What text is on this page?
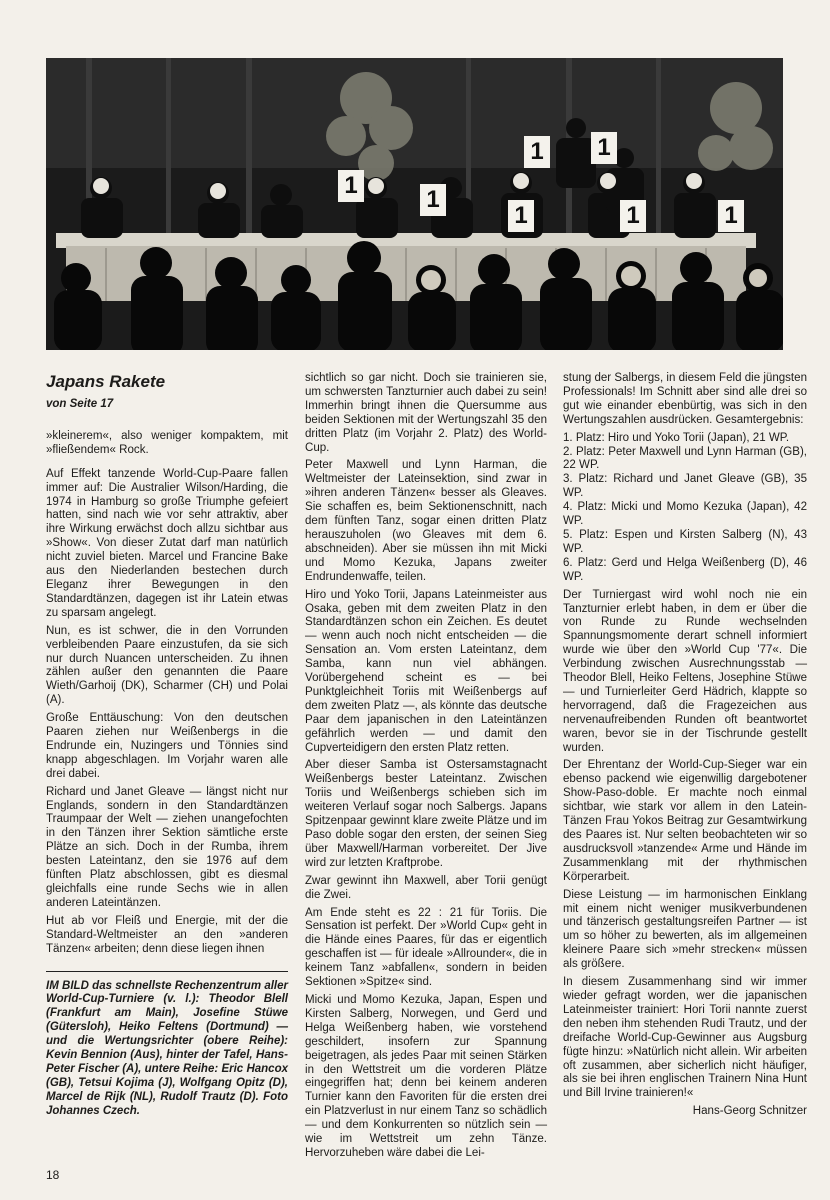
1
1
1
1 1
1	1
Japans Rakete
von Seite 17

»kleinerem«, also weniger kompaktem, mit »fließendem« Rock.

Auf Effekt tanzende World-Cup-Paare fallen immer auf: Die Australier Wilson/Harding, die 1974 in Hamburg so große Triumphe gefeiert hatten, sind nach wie vor sehr attraktiv, aber ihre Wirkung erwächst doch allzu sichtbar aus »Show«. Von dieser Zutat darf man natürlich nicht zuviel bieten. Marcel und Francine Bake aus den Niederlanden bestechen durch Eleganz ihrer Bewegungen in den Standardtänzen, dagegen ist ihr Latein etwas zu sparsam angelegt.

Nun, es ist schwer, die in den Vorrunden verbleibenden Paare einzustufen, da sie sich nur durch Nuancen unterscheiden. Zu ihnen zählen außer den genannten die Paare Wieth/Garhoij (DK), Scharmer (CH) und Polai (A).

Große Enttäuschung: Von den deutschen Paaren ziehen nur Weißenbergs in die Endrunde ein, Nuzingers und Tönnies sind knapp abgeschlagen. Im Vorjahr waren alle drei dabei.

Richard und Janet Gleave — längst nicht nur Englands, sondern in den Standardtänzen Traumpaar der Welt — ziehen unangefochten in den Tänzen ihrer Sektion sämtliche erste Plätze an sich. Doch in der Rumba, ihrem besten Lateintanz, den sie 1976 auf dem fünften Platz abschlossen, gibt es diesmal gleichfalls eine runde Sechs wie in allen anderen Lateintänzen.

Hut ab vor Fleiß und Energie, mit der die Standard-Weltmeister an den »anderen Tänzen« arbeiten; denn diese liegen ihnen

IM BILD das schnellste Rechenzentrum aller World-Cup-Turniere (v. l.): Theodor Blell (Frankfurt am Main), Josefine Stüwe (Gütersloh), Heiko Feltens (Dortmund) — und die Wertungsrichter (obere Reihe): Kevin Bennion (Aus), hinter der Tafel, Hans-Peter Fischer (A), untere Reihe: Eric Hancox (GB), Tetsui Kojima (J), Wolfgang Opitz (D), Marcel de Rijk (NL), Rudolf Trautz (D). Foto Johannes Czech.

sichtlich so gar nicht. Doch sie trainieren sie, um schwersten Tanzturnier auch dabei zu sein! Immerhin bringt ihnen die Quersumme aus beiden Sektionen mit der Wertungszahl 35 den dritten Platz (im Vorjahr 2. Platz) des World-Cup.

Peter Maxwell und Lynn Harman, die Weltmeister der Lateinsektion, sind zwar in »ihren anderen Tänzen« besser als Gleaves. Sie schaffen es, beim Sektionenschnitt, nach dem fünften Tanz, sogar einen dritten Platz herauszuholen (wo Gleaves mit dem 6. abschneiden). Aber sie müssen ihn mit Micki und Momo Kezuka, Japans zweiter Endrundenwaffe, teilen.

Hiro und Yoko Torii, Japans Lateinmeister aus Osaka, geben mit dem zweiten Platz in den Standardtänzen schon ein Zeichen. Es deutet — wenn auch noch nicht entscheiden — die Sensation an. Vom ersten Lateintanz, dem Samba, kann nun viel abhängen. Vorübergehend scheint es — bei Punktgleichheit Toriis mit Weißenbergs auf dem zweiten Platz —, als könnte das deutsche Paar dem japanischen in den Lateintänzen gefährlich werden — und damit den Cupverteidigern den ersten Platz retten.

Aber dieser Samba ist Ostersamstagnacht Weißenbergs bester Lateintanz. Zwischen Toriis und Weißenbergs schieben sich im weiteren Verlauf sogar noch Salbergs. Japans Spitzenpaar gewinnt klare zweite Plätze und im Paso doble sogar den ersten, der seinen Sieg über Maxwell/Harman vorbereitet. Der Jive wird zur letzten Kraftprobe.

Zwar gewinnt ihn Maxwell, aber Torii genügt die Zwei.

Am Ende steht es 22 : 21 für Toriis. Die Sensation ist perfekt. Der »World Cup« geht in die Hände eines Paares, für das er eigentlich geschaffen ist — für ideale »Allrounder«, die in keinem Tanz »abfallen«, sondern in beiden Sektionen »Spitze« sind.

Micki und Momo Kezuka, Japan, Espen und Kirsten Salberg, Norwegen, und Gerd und Helga Weißenberg haben, wie vorstehend geschildert, insofern zur Spannung beigetragen, als jedes Paar mit seinen Stärken in den Wettstreit um die vorderen Plätze eingegriffen hat; denn bei keinem anderen Turnier kann den Favoriten für die ersten drei ein Platzverlust in nur einem Tanz so schädlich — und dem Konkurrenten so nützlich sein — wie im Wettstreit um zehn Tänze. Hervorzuheben wäre dabei die Lei-

stung der Salbergs, in diesem Feld die jüngsten Professionals! Im Schnitt aber sind alle drei so gut wie einander ebenbürtig, was sich in den Wertungszahlen ausdrücken. Gesamtergebnis:

1. Platz: Hiro und Yoko Torii (Japan), 21 WP.

2. Platz: Peter Maxwell und Lynn Harman (GB), 22 WP.

3. Platz: Richard und Janet Gleave (GB), 35 WP.

4. Platz: Micki und Momo Kezuka (Japan), 42 WP.

5. Platz: Espen und Kirsten Salberg (N), 43 WP.

6. Platz: Gerd und Helga Weißenberg (D), 46 WP.

Der Turniergast wird wohl noch nie ein Tanzturnier erlebt haben, in dem er über die von Runde zu Runde wechselnden Spannungsmomente derart schnell informiert wurde wie über den »World Cup '77«. Die Verbindung zwischen Ausrechnungsstab — Theodor Blell, Heiko Feltens, Josephine Stüwe — und Turnierleiter Gerd Hädrich, klappte so hervorragend, daß die Fragezeichen aus nervenaufreibenden Runden oft beantwortet waren, bevor sie in der Tischrunde gestellt wurden.

Der Ehrentanz der World-Cup-Sieger war ein ebenso packend wie eigenwillig dargebotener Show-Paso-doble. Er machte noch einmal sichtbar, wie stark vor allem in den Latein-Tänzen Frau Yokos Beitrag zur Gesamtwirkung des Paares ist. Nur selten beobachteten wir so ausdrucksvoll »tanzende« Arme und Hände im Zusammenklang mit der rhythmischen Körperarbeit.

Diese Leistung — im harmonischen Einklang mit einem nicht weniger musikverbundenen und tänzerisch gestaltungsreifen Partner — ist um so höher zu bewerten, als im allgemeinen kleinere Paare sich »mehr strecken« müssen als größere.

In diesem Zusammenhang sind wir immer wieder gefragt worden, wer die japanischen Lateinmeister trainiert: Hori Torii nannte zuerst den neben ihm stehenden Rudi Trautz, und der dreifache World-Cup-Gewinner aus Augsburg fügte hinzu: »Natürlich nicht allein. Wir arbeiten oft zusammen, aber sicherlich nicht häufiger, als sie bei ihren englischen Trainern Nina Hunt und Bill Irvine trainieren!«

Hans-Georg Schnitzer
18
